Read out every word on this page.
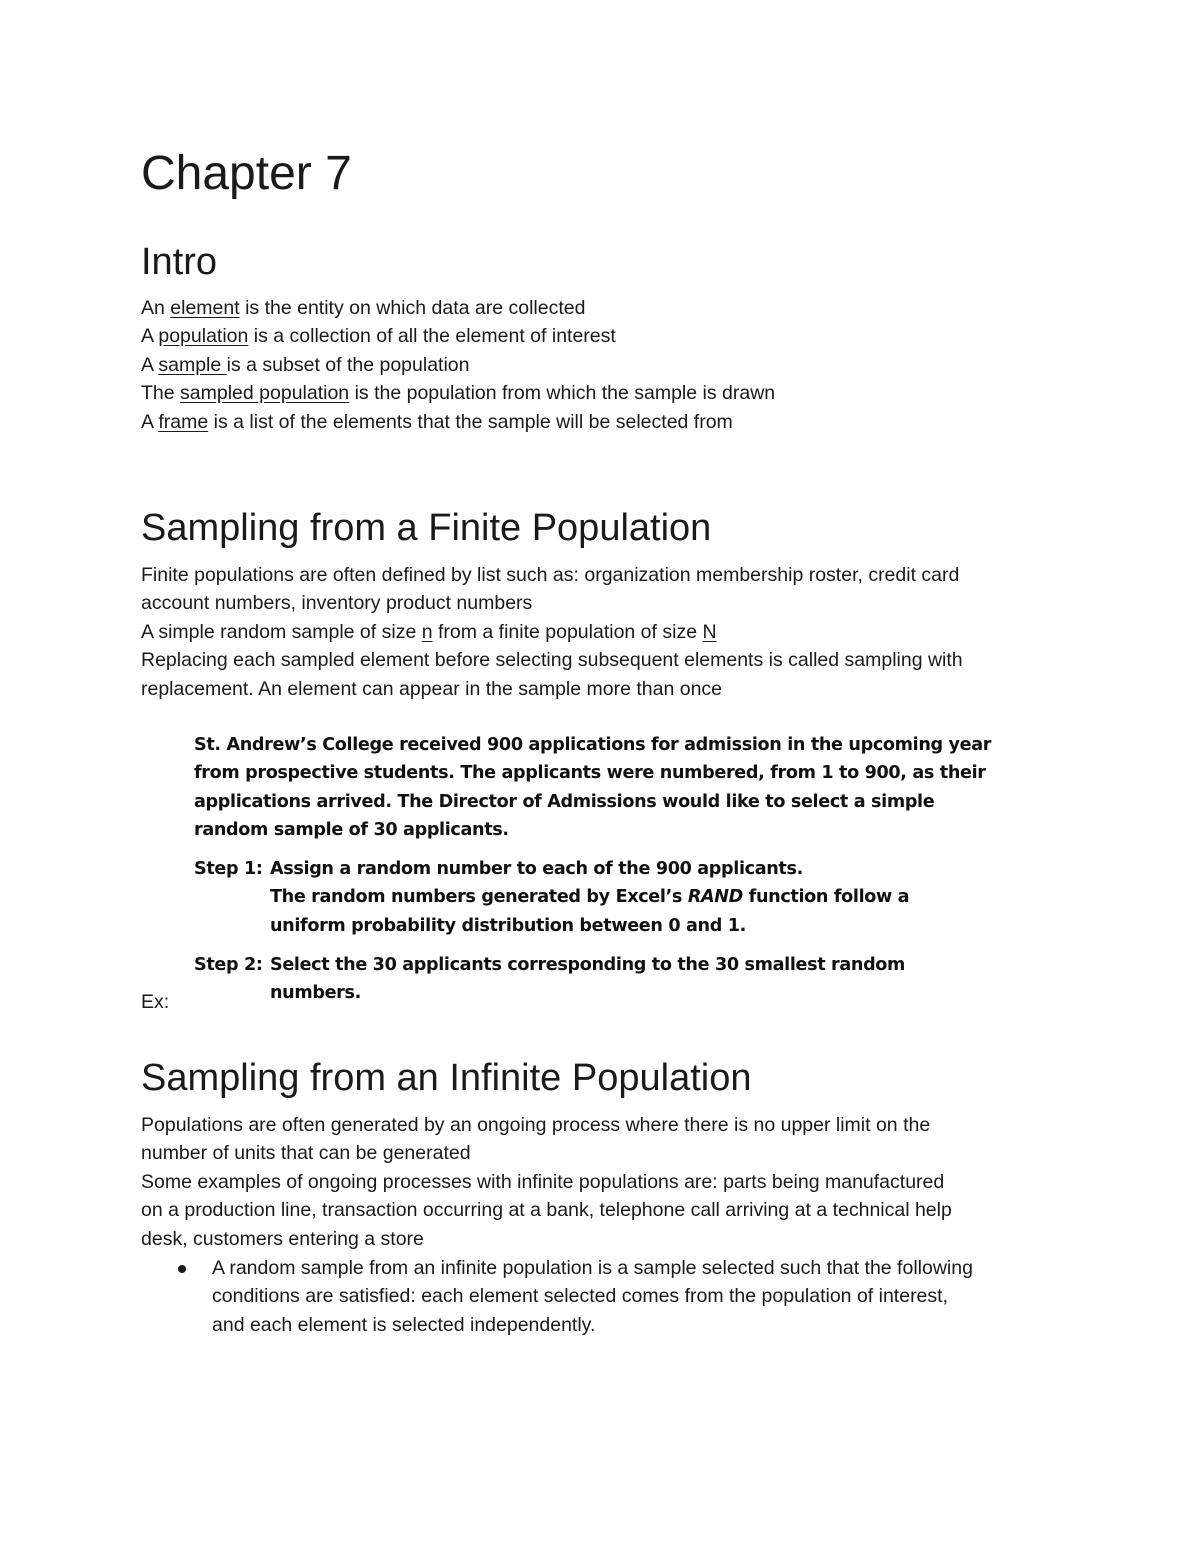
Chapter 7
Intro
An element is the entity on which data are collected
A population is a collection of all the element of interest
A sample is a subset of the population
The sampled population is the population from which the sample is drawn
A frame is a list of the elements that the sample will be selected from
Sampling from a Finite Population
Finite populations are often defined by list such as: organization membership roster, credit card
account numbers, inventory product numbers
A simple random sample of size n from a finite population of size N
Replacing each sampled element before selecting subsequent elements is called sampling with
replacement. An element can appear in the sample more than once
St. Andrew’s College received 900 applications for admission in the upcoming year
from prospective students. The applicants were numbered, from 1 to 900, as their
applications arrived. The Director of Admissions would like to select a simple
random sample of 30 applicants.
Step 1: Assign a random number to each of the 900 applicants.
The random numbers generated by Excel’s RAND function follow a
uniform probability distribution between 0 and 1.
Step 2: Select the 30 applicants corresponding to the 30 smallest random
numbers.
Ex:
Sampling from an Infinite Population
Populations are often generated by an ongoing process where there is no upper limit on the
number of units that can be generated
Some examples of ongoing processes with infinite populations are: parts being manufactured
on a production line, transaction occurring at a bank, telephone call arriving at a technical help
desk, customers entering a store
A random sample from an infinite population is a sample selected such that the following
conditions are satisfied: each element selected comes from the population of interest,
and each element is selected independently.
